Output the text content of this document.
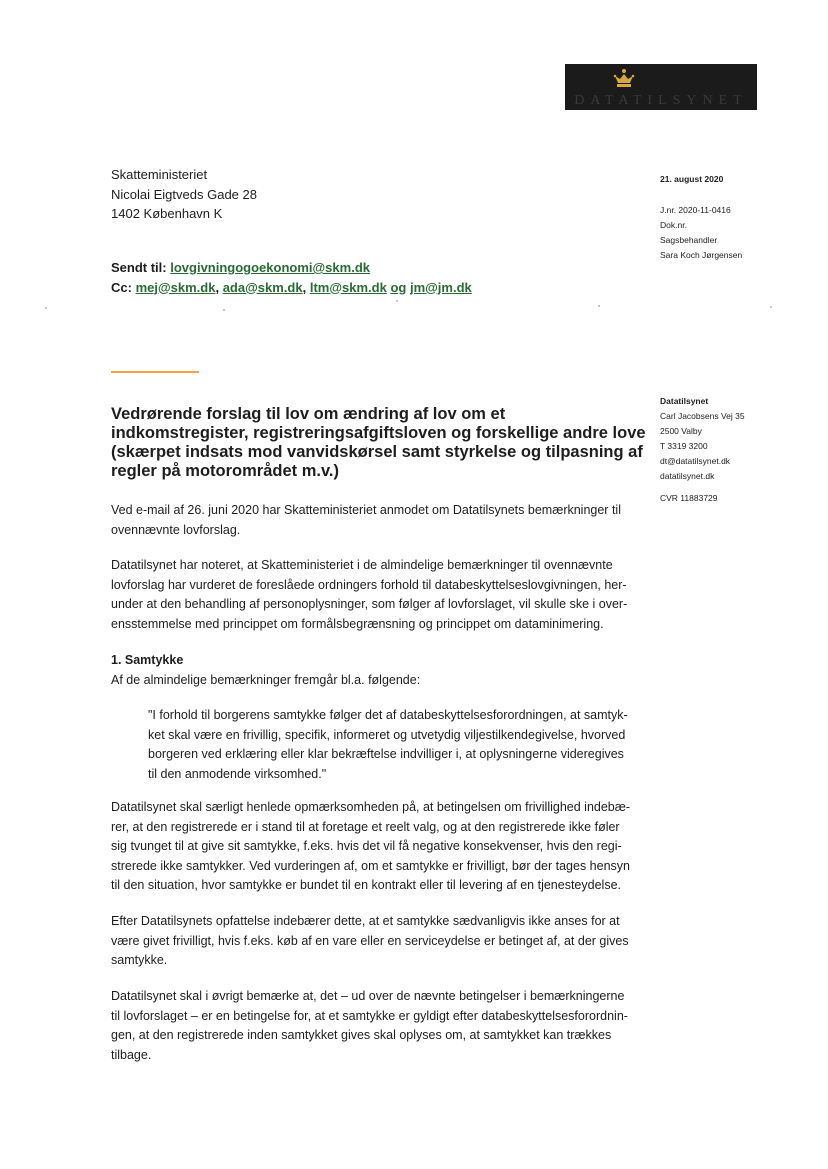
DATATILSYNET
Skatteministeriet
Nicolai Eigtveds Gade 28
1402 København K
Sendt til: lovgivningogoekonomi@skm.dk
Cc: mej@skm.dk, ada@skm.dk, ltm@skm.dk og jm@jm.dk
21. august 2020
J.nr. 2020-11-0416
Dok.nr.
Sagsbehandler
Sara Koch Jørgensen
Datatilsynet
Carl Jacobsens Vej 35
2500 Valby
T 3319 3200
dt@datatilsynet.dk
datatilsynet.dk
CVR 11883729
Vedrørende forslag til lov om ændring af lov om et
indkomstregister, registreringsafgiftsloven og forskellige andre love
(skærpet indsats mod vanvidskørsel samt styrkelse og tilpasning af
regler på motorområdet m.v.)

Ved e-mail af 26. juni 2020 har Skatteministeriet anmodet om Datatilsynets bemærkninger til

ovennævnte lovforslag.

Datatilsynet har noteret, at Skatteministeriet i de almindelige bemærkninger til ovennævnte

lovforslag har vurderet de foreslåede ordningers forhold til databeskyttelseslovgivningen, her-

under at den behandling af personoplysninger, som følger af lovforslaget, vil skulle ske i over-

ensstemmelse med princippet om formålsbegrænsning og princippet om dataminimering.

1. Samtykke

Af de almindelige bemærkninger fremgår bl.a. følgende:

"I forhold til borgerens samtykke følger det af databeskyttelsesforordningen, at samtyk-
ket skal være en frivillig, specifik, informeret og utvetydig viljestilkendegivelse, hvorved
borgeren ved erklæring eller klar bekræftelse indvilliger i, at oplysningerne videregives
til den anmodende virksomhed."

Datatilsynet skal særligt henlede opmærksomheden på, at betingelsen om frivillighed indebæ-

rer, at den registrerede er i stand til at foretage et reelt valg, og at den registrerede ikke føler

sig tvunget til at give sit samtykke, f.eks. hvis det vil få negative konsekvenser, hvis den regi-

strerede ikke samtykker. Ved vurderingen af, om et samtykke er frivilligt, bør der tages hensyn

til den situation, hvor samtykke er bundet til en kontrakt eller til levering af en tjenesteydelse.

Efter Datatilsynets opfattelse indebærer dette, at et samtykke sædvanligvis ikke anses for at

være givet frivilligt, hvis f.eks. køb af en vare eller en serviceydelse er betinget af, at der gives

samtykke.

Datatilsynet skal i øvrigt bemærke at, det – ud over de nævnte betingelser i bemærkningerne

til lovforslaget – er en betingelse for, at et samtykke er gyldigt efter databeskyttelsesforordnin-

gen, at den registrerede inden samtykket gives skal oplyses om, at samtykket kan trækkes

tilbage.
